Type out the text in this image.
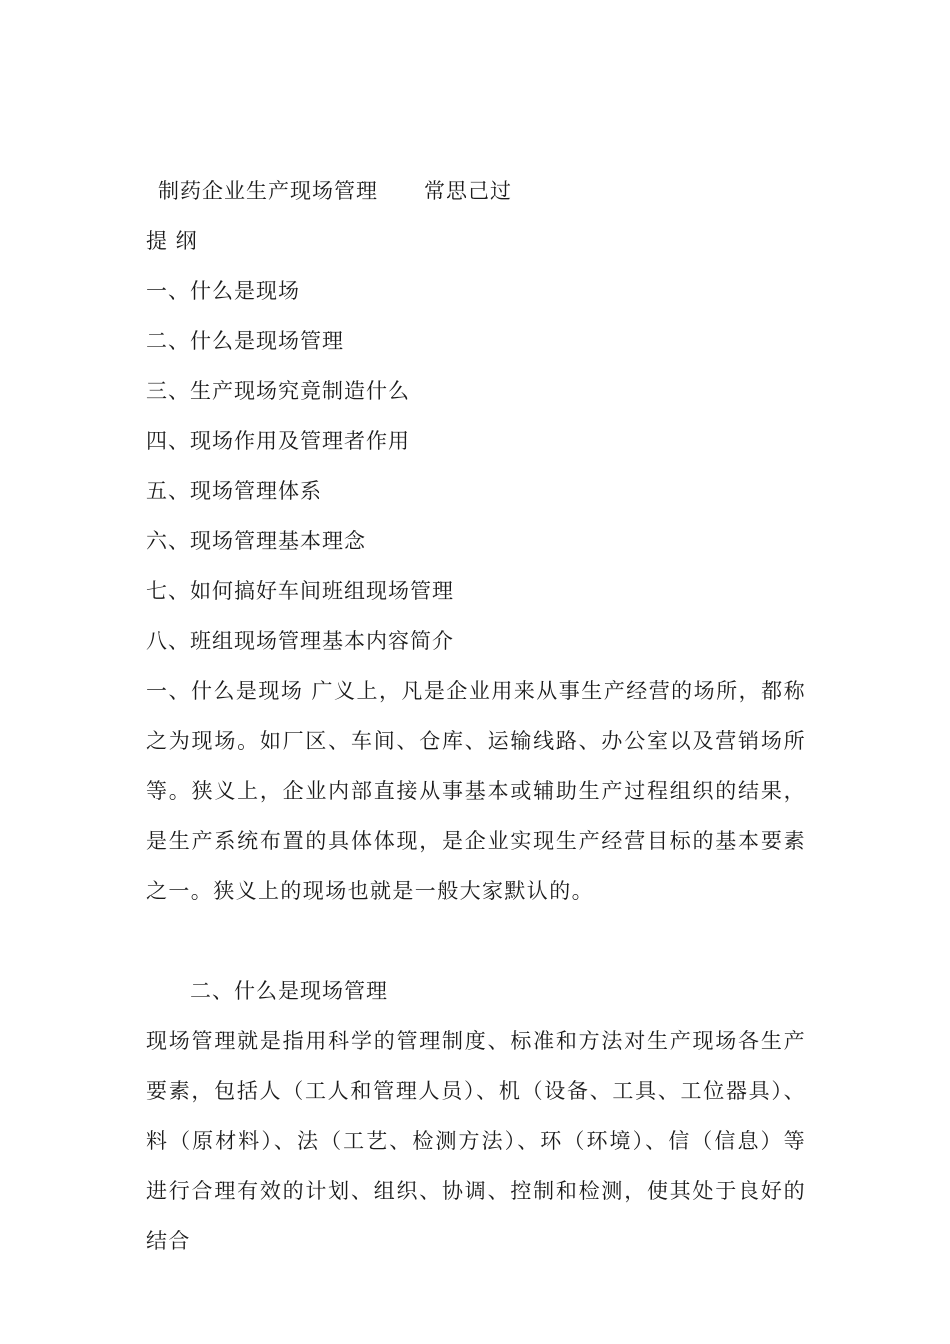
制药企业生产现场管理 常思己过
提 纲
一、什么是现场
二、什么是现场管理
三、生产现场究竟制造什么
四、现场作用及管理者作用
五、现场管理体系
六、现场管理基本理念
七、如何搞好车间班组现场管理
八、班组现场管理基本内容简介

一、什么是现场 广义上，凡是企业用来从事生产经营的场所，都称之为现场。如厂区、车间、仓库、运输线路、办公室以及营销场所等。狭义上，企业内部直接从事基本或辅助生产过程组织的结果，是生产系统布置的具体体现，是企业实现生产经营目标的基本要素之一。狭义上的现场也就是一般大家默认的。

二、什么是现场管理

现场管理就是指用科学的管理制度、标准和方法对生产现场各生产要素，包括人（工人和管理人员）、机（设备、工具、工位器具）、料（原材料）、法（工艺、检测方法）、环（环境）、信（信息）等进行合理有效的计划、组织、协调、控制和检测，使其处于良好的结合
